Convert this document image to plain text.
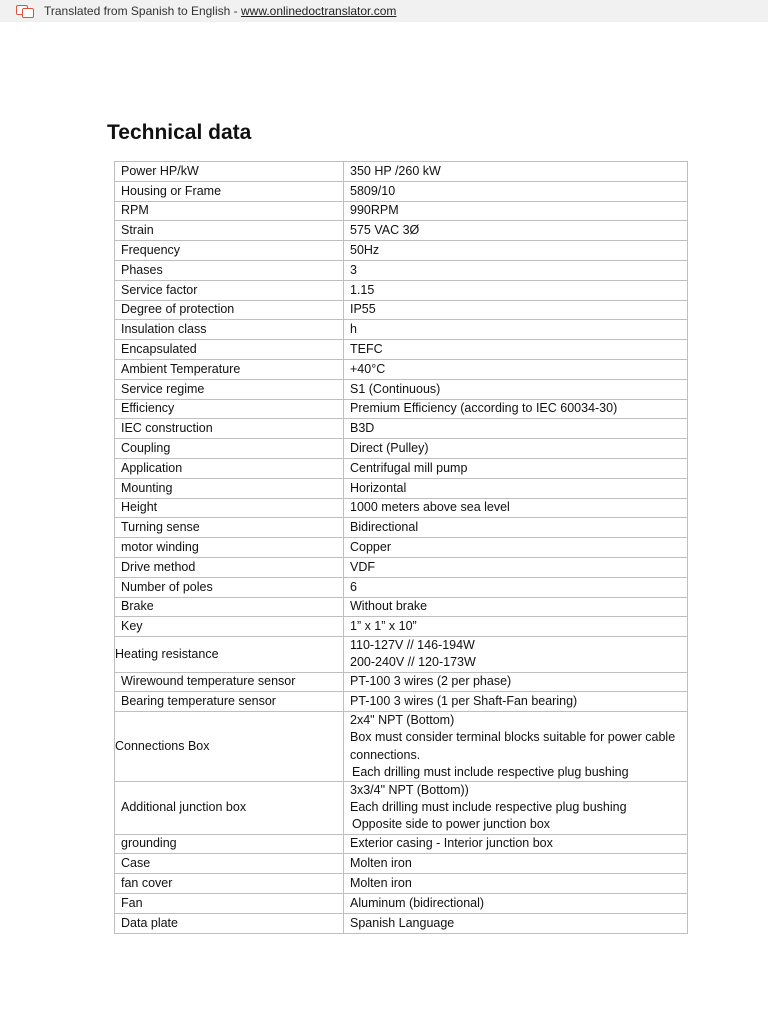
Translated from Spanish to English - www.onlinedoctranslator.com
Technical data
Power HP/kW	350 HP /260 kW

Housing or Frame	5809/10

RPM	990RPM

Strain	575 VAC 3Ø

Frequency	50Hz

Phases	3

Service factor	1.15

Degree of protection	IP55

Insulation class	h

Encapsulated	TEFC

Ambient Temperature	+40°C

Service regime	S1 (Continuous)

Efficiency	Premium Efficiency (according to IEC 60034-30)

IEC construction	B3D

Coupling	Direct (Pulley)

Application	Centrifugal mill pump

Mounting	Horizontal

Height	1000 meters above sea level

Turning sense	Bidirectional

motor winding	Copper

Drive method	VDF

Number of poles	6

Brake	Without brake

Key	1” x 1” x 10”

Heating resistance	110-127V // 146-194W
200-240V // 120-173W

Wirewound temperature sensor	PT-100 3 wires (2 per phase)

Bearing temperature sensor	PT-100 3 wires (1 per Shaft-Fan bearing)

Connections Box	2x4" NPT (Bottom)
Box must consider terminal blocks suitable for power cable connections.
Each drilling must include respective plug bushing

Additional junction box	3x3/4" NPT (Bottom))
Each drilling must include respective plug bushing
Opposite side to power junction box

grounding	Exterior casing - Interior junction box

Case	Molten iron

fan cover	Molten iron

Fan	Aluminum (bidirectional)

Data plate	Spanish Language
